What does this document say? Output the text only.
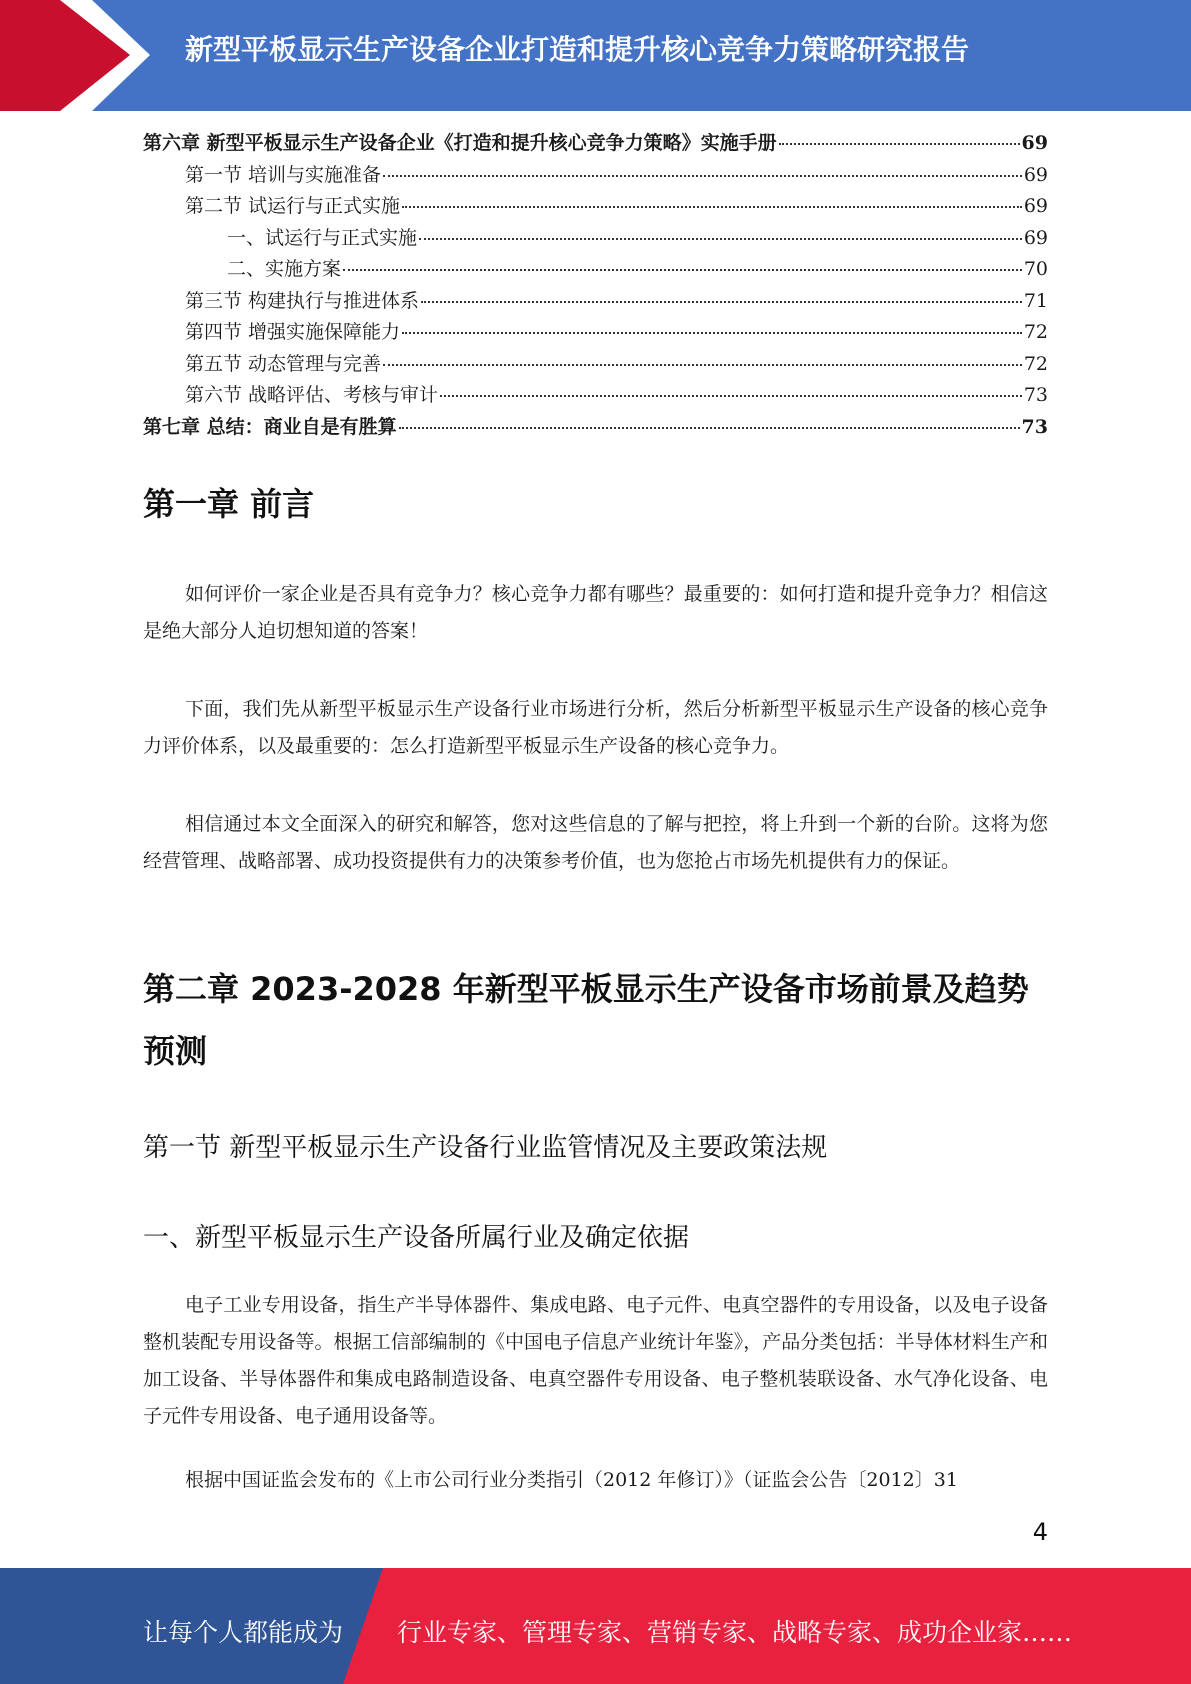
新型平板显示生产设备企业打造和提升核心竞争力策略研究报告
第六章 新型平板显示生产设备企业《打造和提升核心竞争力策略》实施手册	69
第一节 培训与实施准备	69
第二节 试运行与正式实施	69
一、试运行与正式实施	69
二、实施方案	70
第三节 构建执行与推进体系	71
第四节 增强实施保障能力	72
第五节 动态管理与完善	72
第六节 战略评估、考核与审计	73
第七章 总结：商业自是有胜算	73
第一章 前言

如何评价一家企业是否具有竞争力？核心竞争力都有哪些？最重要的：如何打造和提升竞争力？相信这是绝大部分人迫切想知道的答案！

下面，我们先从新型平板显示生产设备行业市场进行分析，然后分析新型平板显示生产设备的核心竞争力评价体系，以及最重要的：怎么打造新型平板显示生产设备的核心竞争力。

相信通过本文全面深入的研究和解答，您对这些信息的了解与把控，将上升到一个新的台阶。这将为您经营管理、战略部署、成功投资提供有力的决策参考价值，也为您抢占市场先机提供有力的保证。

第二章 2023-2028 年新型平板显示生产设备市场前景及趋势预测
第一节 新型平板显示生产设备行业监管情况及主要政策法规
一、新型平板显示生产设备所属行业及确定依据

电子工业专用设备，指生产半导体器件、集成电路、电子元件、电真空器件的专用设备，以及电子设备整机装配专用设备等。根据工信部编制的《中国电子信息产业统计年鉴》，产品分类包括：半导体材料生产和加工设备、半导体器件和集成电路制造设备、电真空器件专用设备、电子整机装联设备、水气净化设备、电子元件专用设备、电子通用设备等。

根据中国证监会发布的《上市公司行业分类指引（2012 年修订）》（证监会公告〔2012〕31

4
让每个人都能成为 行业专家、管理专家、营销专家、战略专家、成功企业家……
